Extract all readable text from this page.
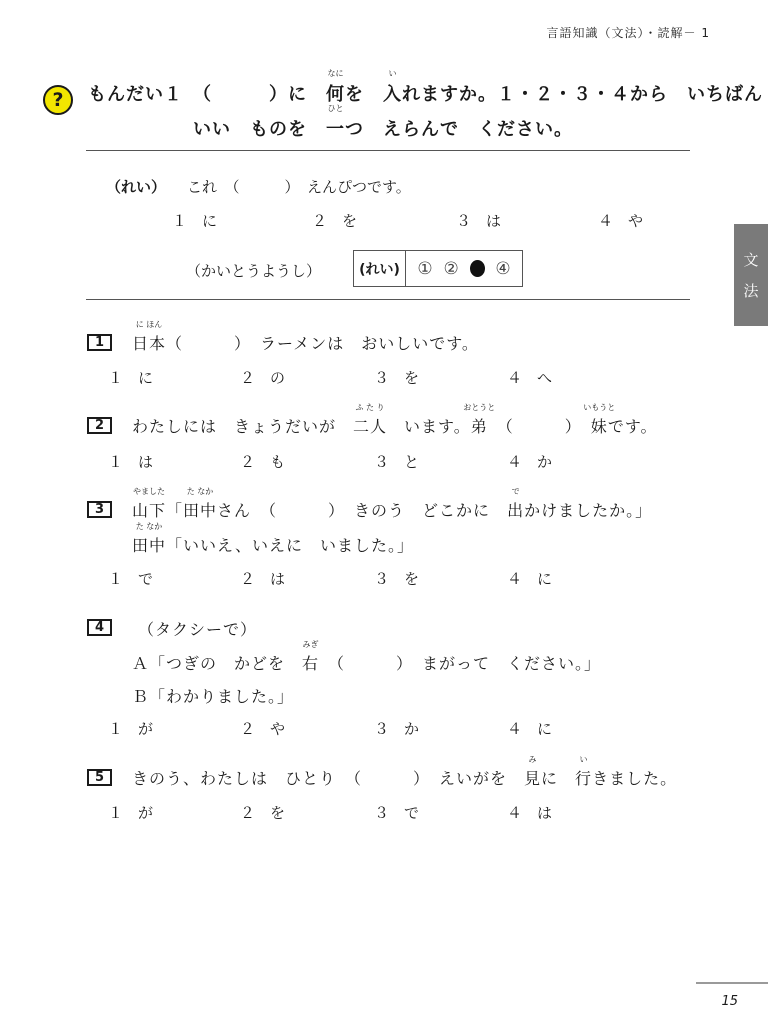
言語知識（文法）・読解－ 1
?	もんだい１　（　　　）に　
なに
何を　
い
入れますか。１・２・３・４から　いちばん
いい　ものを　
ひと
一つ　えらんで　ください。
（れい） これ　（　　　）　えんぴつです。
１　に	２　を	３　は	４　や
（かいとうようし）	(れい)	① ② ④
1
に ほん
日本（　　　）　ラーメンは　おいしいです。
１　に	２　の	３　を	４　へ
2	わたしには　きょうだいが　
ふ た り
二人　います。
おとうと
弟　（　　　）　
いもうと
妹です。
１　は	２　も	３　と	４　か
3
やました
山下「
た なか
田中さん　（　　　）　きのう　どこかに　
で
出かけましたか。」
た なか
田中「いいえ、いえに　いました。」
１　で	２　は	３　を	４　に
4	（タクシーで）
Ａ「つぎの　かどを　
みぎ
右　（　　　）　まがって　ください。」
Ｂ「わかりました。」
１　が	２　や	３　か	４　に
5	きのう、わたしは　ひとり　（　　　）　えいがを　
み
見に　
い
行きました。
１　が	２　を	３　で	４　は
文
法
15
